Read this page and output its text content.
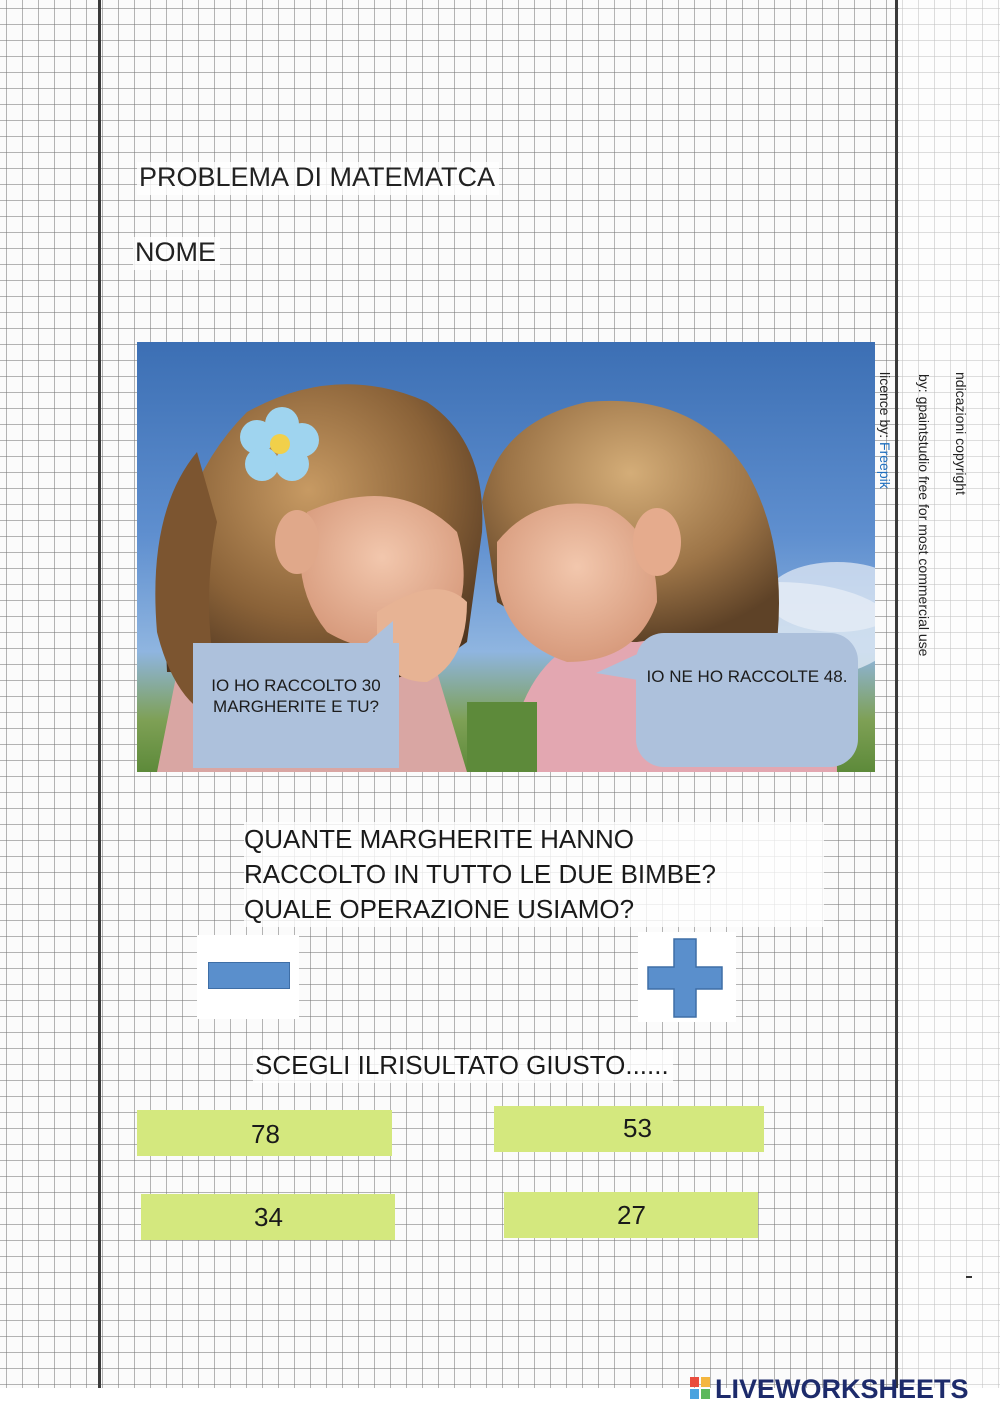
PROBLEMA DI MATEMATCA
NOME
IO HO RACCOLTO 30 MARGHERITE E TU?
IO NE HO RACCOLTE 48.
ndicazioni copyright
by: gpaintstudio free for most commercial use
licence by: Freepik
QUANTE MARGHERITE HANNO
RACCOLTO IN TUTTO LE DUE BIMBE?
QUALE OPERAZIONE USIAMO?
SCEGLI ILRISULTATO GIUSTO......
78	53
34	27
LIVEWORKSHEETS
